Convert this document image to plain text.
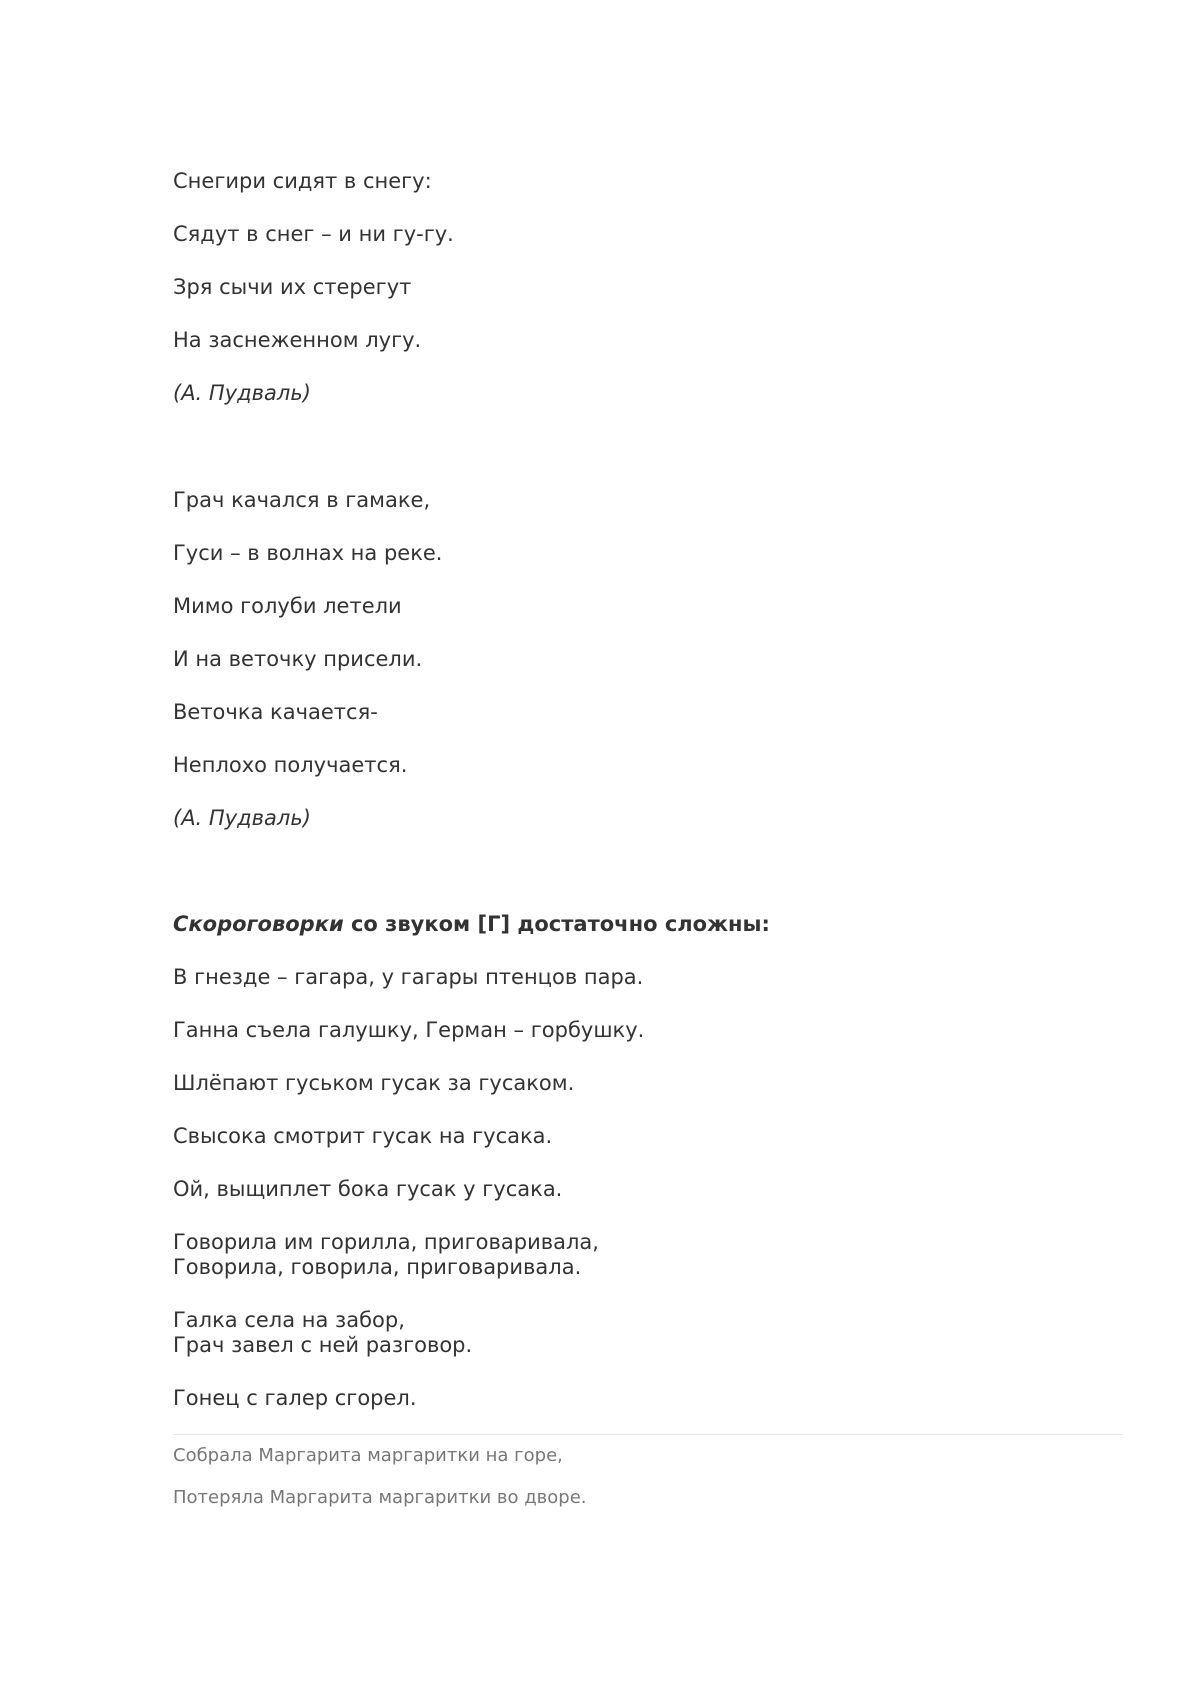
Снегири сидят в снегу:
Сядут в снег – и ни гу-гу.
Зря сычи их стерегут
На заснеженном лугу.
(А. Пудваль)
Грач качался в гамаке,
Гуси – в волнах на реке.
Мимо голуби летели
И на веточку присели.
Веточка качается-
Неплохо получается.
(А. Пудваль)
Скороговорки со звуком [Г] достаточно сложны:
В гнезде – гагара, у гагары птенцов пара.
Ганна съела галушку, Герман – горбушку.
Шлёпают гуськом гусак за гусаком.
Свысока смотрит гусак на гусака.
Ой, выщиплет бока гусак у гусака.
Говорила им горилла, приговаривала,
Говорила, говорила, приговаривала.
Галка села на забор,
Грач завел с ней разговор.
Гонец с галер сгорел.
Собрала Маргарита маргаритки на горе,
Потеряла Маргарита маргаритки во дворе.
